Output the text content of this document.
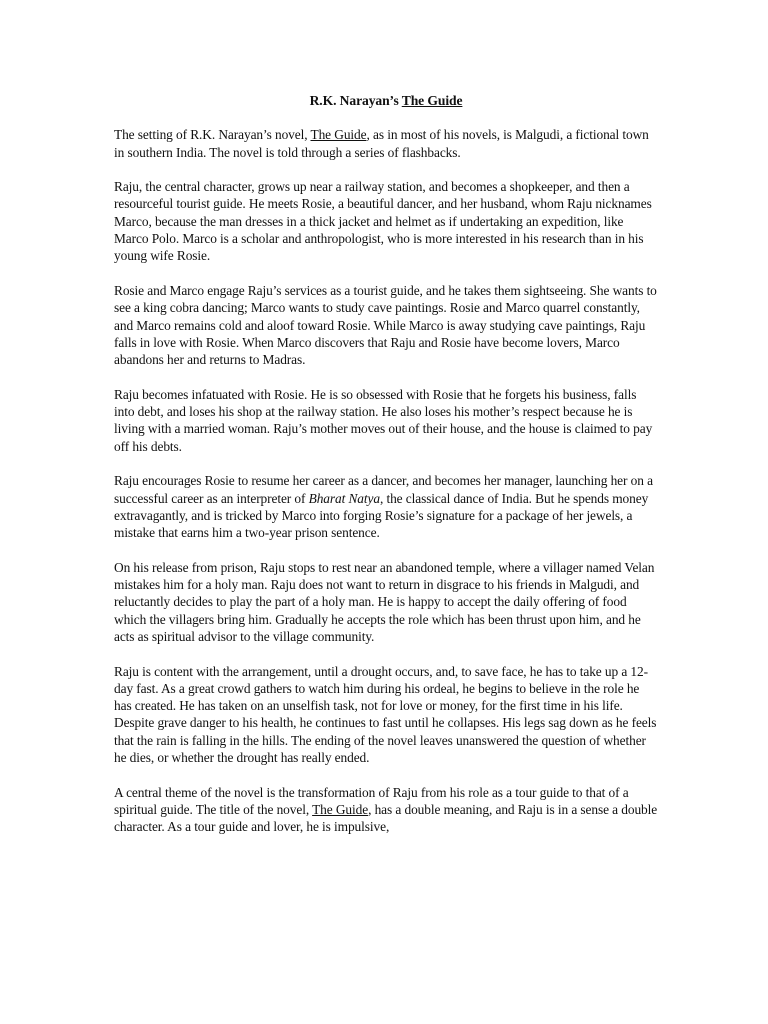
R.K. Narayan’s The Guide

The setting of R.K. Narayan’s novel, The Guide, as in most of his novels, is Malgudi, a fictional town in southern India. The novel is told through a series of flashbacks.

Raju, the central character, grows up near a railway station, and becomes a shopkeeper, and then a resourceful tourist guide. He meets Rosie, a beautiful dancer, and her husband, whom Raju nicknames Marco, because the man dresses in a thick jacket and helmet as if undertaking an expedition, like Marco Polo. Marco is a scholar and anthropologist, who is more interested in his research than in his young wife Rosie.

Rosie and Marco engage Raju’s services as a tourist guide, and he takes them sightseeing. She wants to see a king cobra dancing; Marco wants to study cave paintings. Rosie and Marco quarrel constantly, and Marco remains cold and aloof toward Rosie. While Marco is away studying cave paintings, Raju falls in love with Rosie. When Marco discovers that Raju and Rosie have become lovers, Marco abandons her and returns to Madras.

Raju becomes infatuated with Rosie. He is so obsessed with Rosie that he forgets his business, falls into debt, and loses his shop at the railway station. He also loses his mother’s respect because he is living with a married woman. Raju’s mother moves out of their house, and the house is claimed to pay off his debts.

Raju encourages Rosie to resume her career as a dancer, and becomes her manager, launching her on a successful career as an interpreter of Bharat Natya, the classical dance of India. But he spends money extravagantly, and is tricked by Marco into forging Rosie’s signature for a package of her jewels, a mistake that earns him a two-year prison sentence.

On his release from prison, Raju stops to rest near an abandoned temple, where a villager named Velan mistakes him for a holy man. Raju does not want to return in disgrace to his friends in Malgudi, and reluctantly decides to play the part of a holy man. He is happy to accept the daily offering of food which the villagers bring him. Gradually he accepts the role which has been thrust upon him, and he acts as spiritual advisor to the village community.

Raju is content with the arrangement, until a drought occurs, and, to save face, he has to take up a 12-day fast. As a great crowd gathers to watch him during his ordeal, he begins to believe in the role he has created. He has taken on an unselfish task, not for love or money, for the first time in his life. Despite grave danger to his health, he continues to fast until he collapses. His legs sag down as he feels that the rain is falling in the hills. The ending of the novel leaves unanswered the question of whether he dies, or whether the drought has really ended.

A central theme of the novel is the transformation of Raju from his role as a tour guide to that of a spiritual guide. The title of the novel, The Guide, has a double meaning, and Raju is in a sense a double character. As a tour guide and lover, he is impulsive,
